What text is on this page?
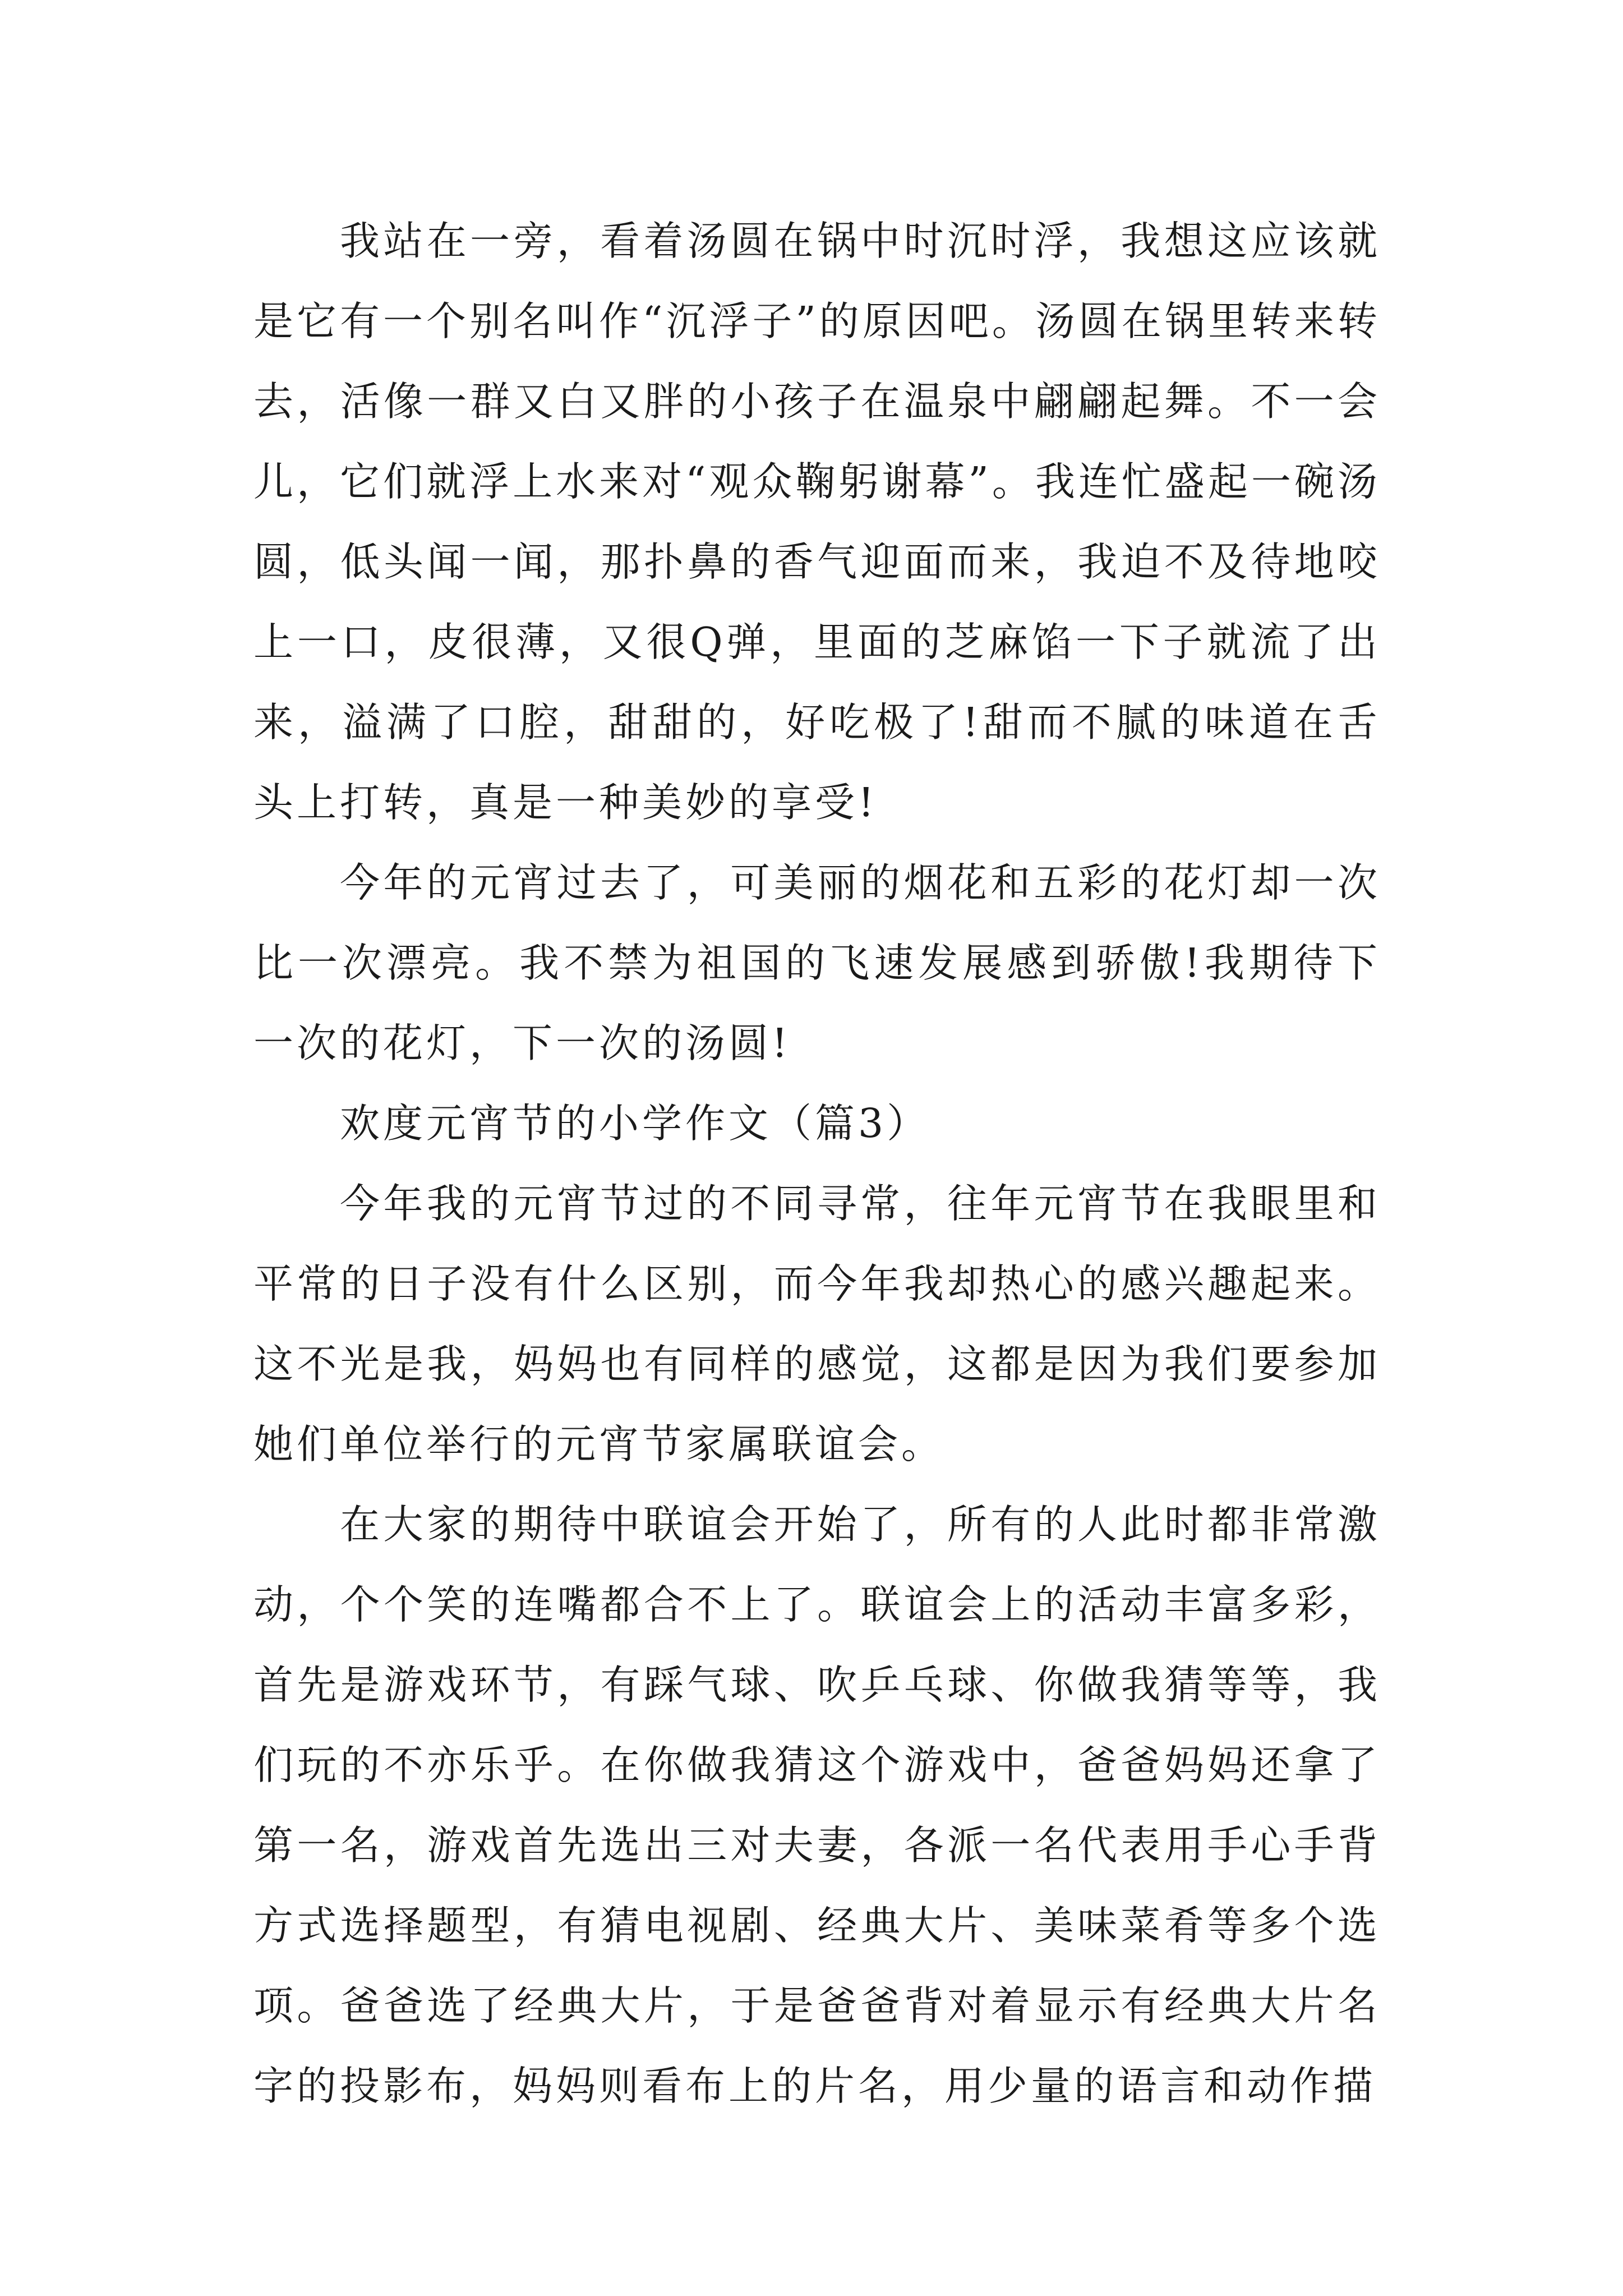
我站在一旁，看着汤圆在锅中时沉时浮，我想这应该就是它有一个别名叫作“沉浮子”的原因吧。汤圆在锅里转来转去，活像一群又白又胖的小孩子在温泉中翩翩起舞。不一会儿，它们就浮上水来对“观众鞠躬谢幕”。我连忙盛起一碗汤圆，低头闻一闻，那扑鼻的香气迎面而来，我迫不及待地咬上一口，皮很薄，又很Q弹，里面的芝麻馅一下子就流了出来，溢满了口腔，甜甜的，好吃极了!甜而不腻的味道在舌头上打转，真是一种美妙的享受!

今年的元宵过去了，可美丽的烟花和五彩的花灯却一次比一次漂亮。我不禁为祖国的飞速发展感到骄傲!我期待下一次的花灯，下一次的汤圆!

欢度元宵节的小学作文（篇3）

今年我的元宵节过的不同寻常，往年元宵节在我眼里和平常的日子没有什么区别，而今年我却热心的感兴趣起来。这不光是我，妈妈也有同样的感觉，这都是因为我们要参加她们单位举行的元宵节家属联谊会。

在大家的期待中联谊会开始了，所有的人此时都非常激动，个个笑的连嘴都合不上了。联谊会上的活动丰富多彩，首先是游戏环节，有踩气球、吹乒乓球、你做我猜等等，我们玩的不亦乐乎。在你做我猜这个游戏中，爸爸妈妈还拿了第一名，游戏首先选出三对夫妻，各派一名代表用手心手背方式选择题型，有猜电视剧、经典大片、美味菜肴等多个选项。爸爸选了经典大片，于是爸爸背对着显示有经典大片名字的投影布，妈妈则看布上的片名，用少量的语言和动作描
